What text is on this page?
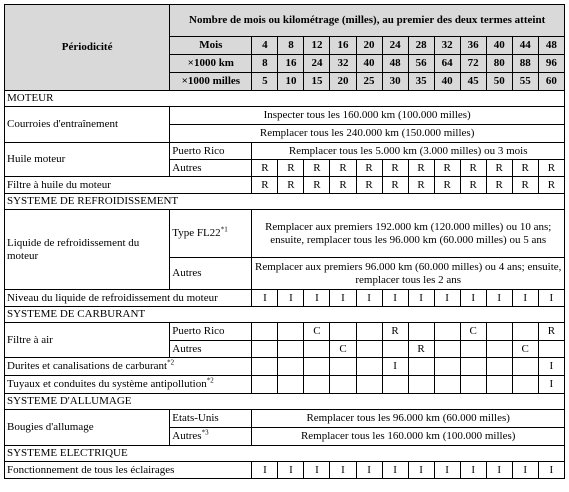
Périodicité	Nombre de mois ou kilométrage (milles), au premier des deux termes atteint												
	Mois	4	8	12	16	20	24	28	32	36	40	44	48
	×1000 km	8	16	24	32	40	48	56	64	72	80	88	96
	×1000 milles	5	10	15	20	25	30	35	40	45	50	55	60
MOTEUR													
Courroies d'entraînement	Inspecter tous les 160.000 km (100.000 milles)												
	Remplacer tous les 240.000 km (150.000 milles)												
Huile moteur	Puerto Rico	Remplacer tous les 5.000 km (3.000 milles) ou 3 mois											
	Autres	R	R	R	R	R	R	R	R	R	R	R	R
Filtre à huile du moteur		R	R	R	R	R	R	R	R	R	R	R	R
SYSTEME DE REFROIDISSEMENT													
Liquide de refroidissement du moteur	Type FL22$^{*1}$	Remplacer aux premiers 192.000 km (120.000 milles) ou 10 ans; ensuite, remplacer tous les 96.000 km (60.000 milles) ou 5 ans											
	Autres	Remplacer aux premiers 96.000 km (60.000 milles) ou 4 ans; ensuite, remplacer tous les 2 ans											
Niveau du liquide de refroidissement du moteur		I	I	I	I	I	I	I	I	I	I	I	I
SYSTEME DE CARBURANT													
Filtre à air	Puerto Rico			C			R			C			R
	Autres				C			R				C	
Durites et canalisations de carburant$^{*2}$							I						I
Tuyaux et conduites du système antipollution$^{*2}$													I
SYSTEME D'ALLUMAGE													
Bougies d'allumage	Etats-Unis	Remplacer tous les 96.000 km (60.000 milles)											
	Autres$^{*3}$	Remplacer tous les 160.000 km (100.000 milles)											
SYSTEME ELECTRIQUE													
Fonctionnement de tous les éclairages		I	I	I	I	I	I	I	I	I	I	I	I
